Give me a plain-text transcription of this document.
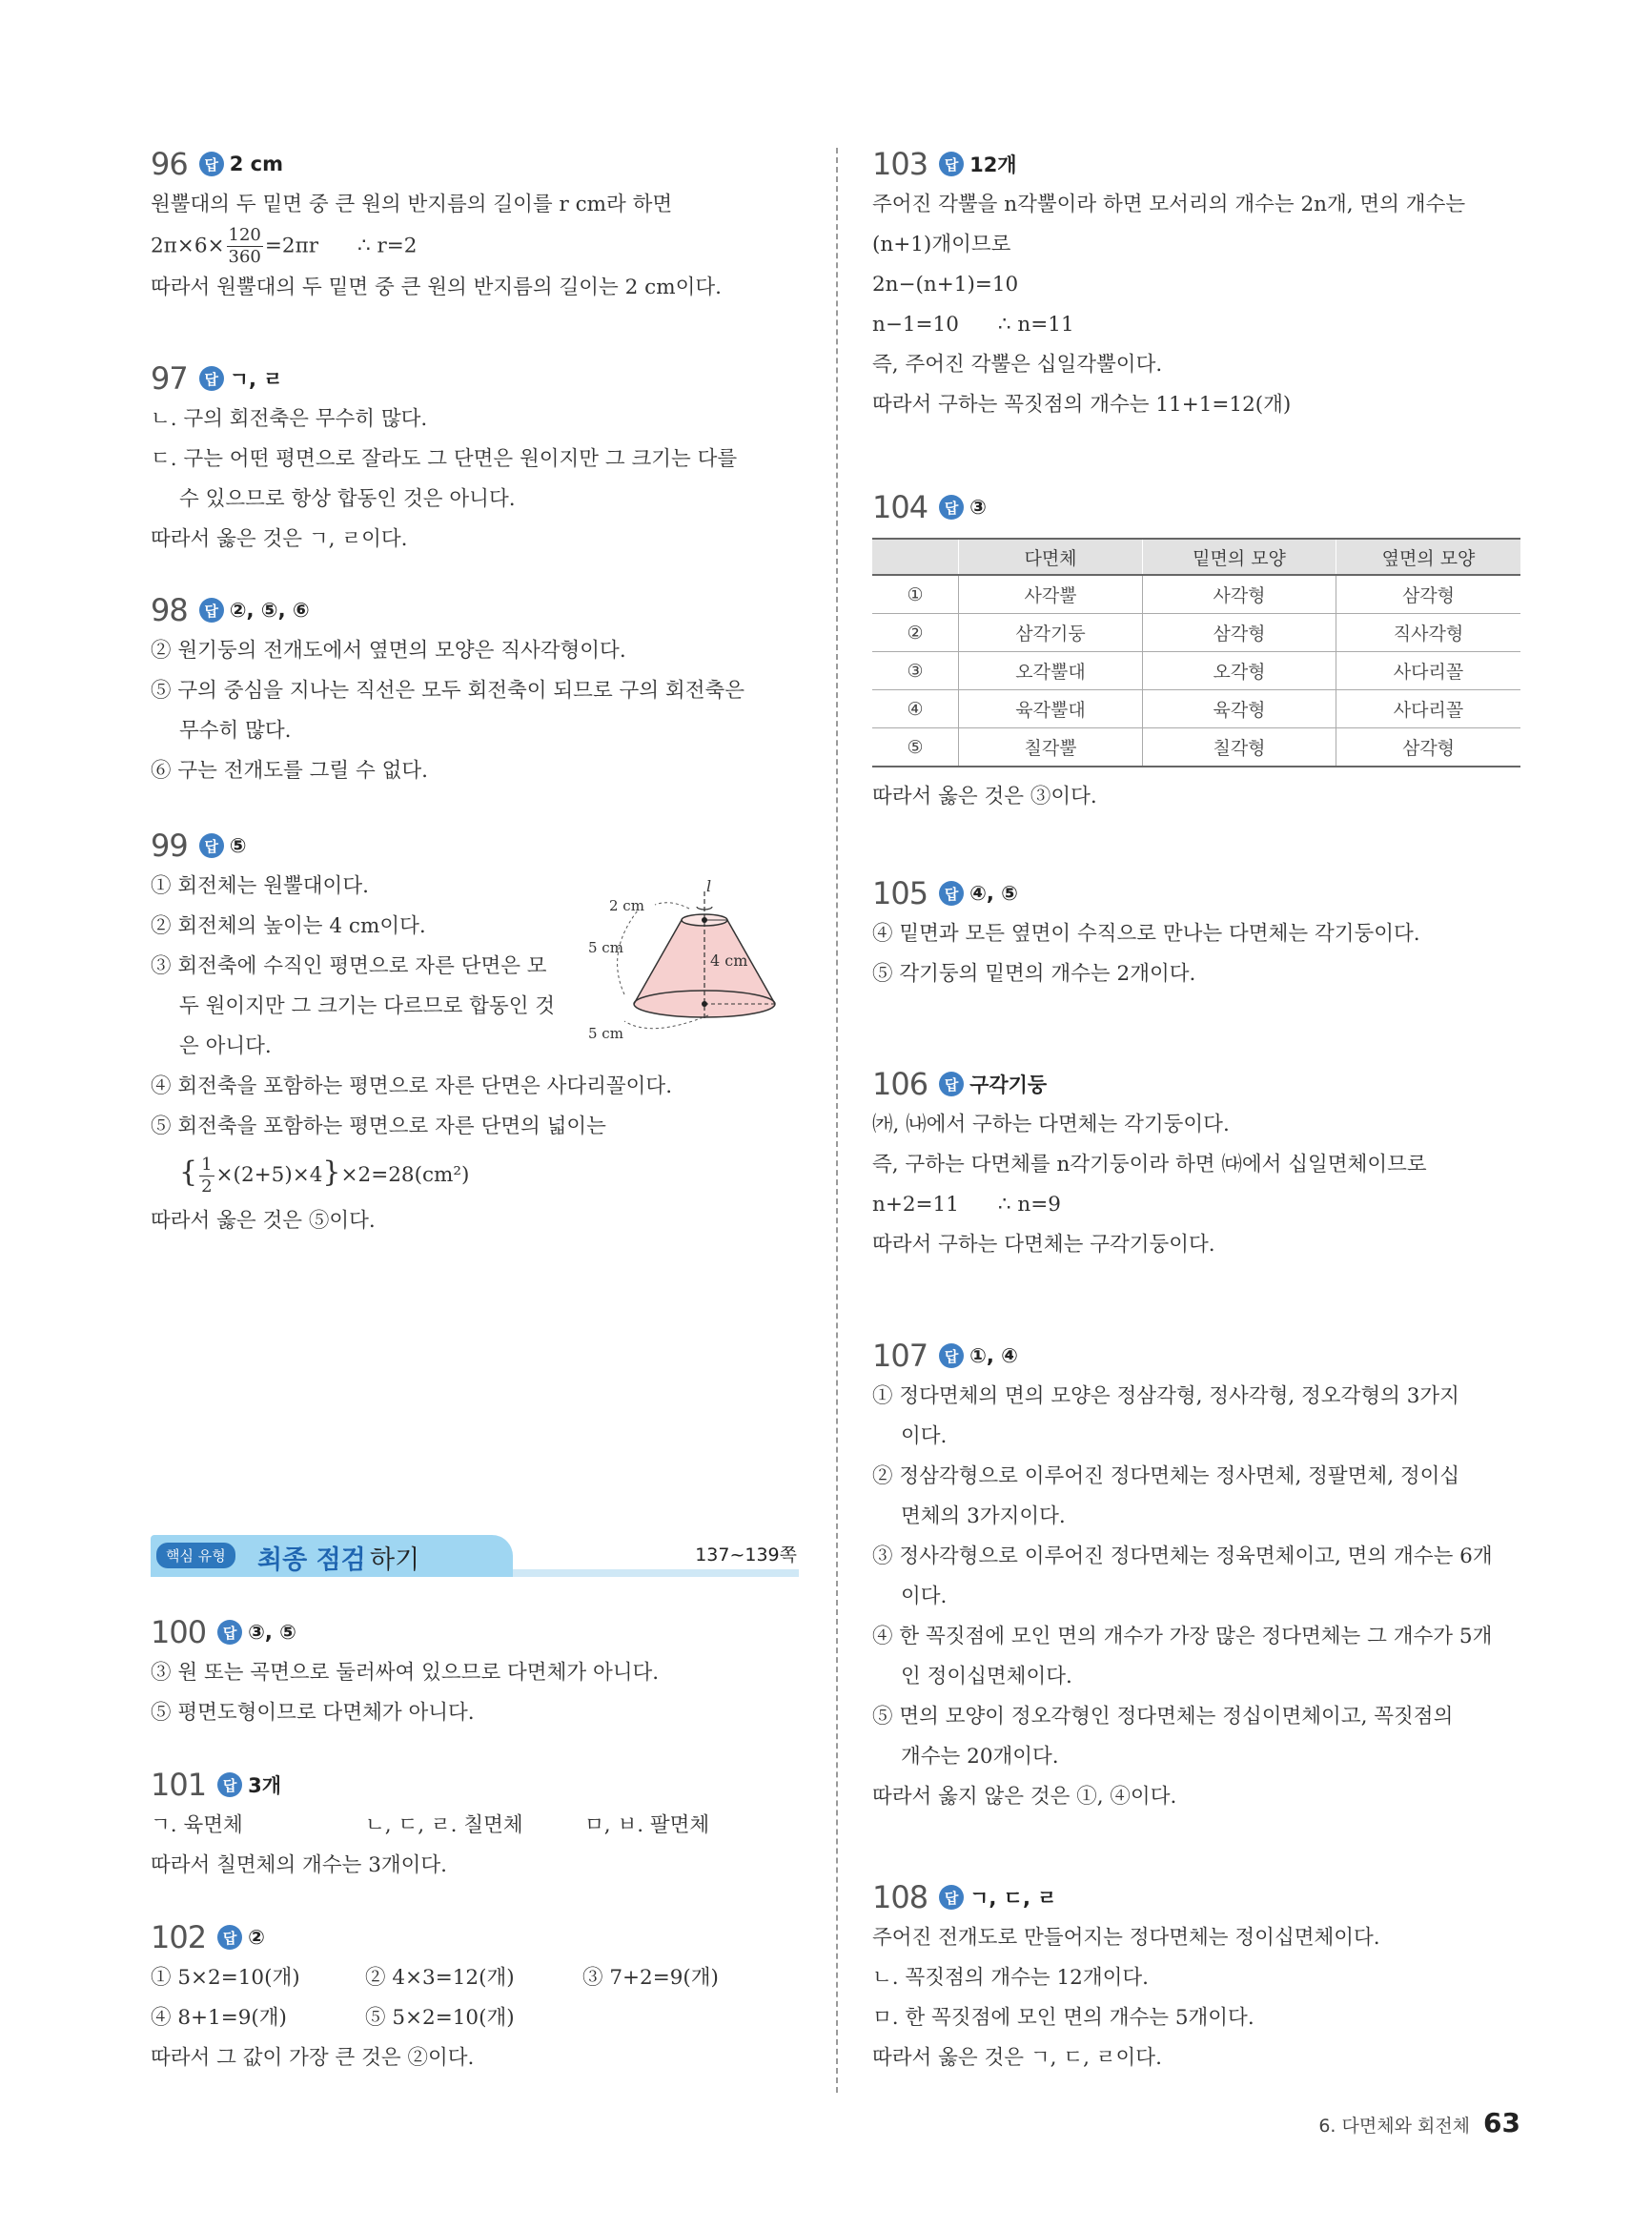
96	답 2 cm
원뿔대의 두 밑면 중 큰 원의 반지름의 길이를 r cm라 하면
$2\pi\times 6\times \frac{120}{360} =2\pi r$      ∴ r=2
따라서 원뿔대의 두 밑면 중 큰 원의 반지름의 길이는 2 cm이다.
97	답 ㄱ, ㄹ
ㄴ. 구의 회전축은 무수히 많다.
ㄷ. 구는 어떤 평면으로 잘라도 그 단면은 원이지만 그 크기는 다를
수 있으므로 항상 합동인 것은 아니다.
따라서 옳은 것은 ㄱ, ㄹ이다.
98	답 ②, ⑤, ⑥
② 원기둥의 전개도에서 옆면의 모양은 직사각형이다.
⑤ 구의 중심을 지나는 직선은 모두 회전축이 되므로 구의 회전축은
무수히 많다.
⑥ 구는 전개도를 그릴 수 없다.
99	답 ⑤
① 회전체는 원뿔대이다.
② 회전체의 높이는 4 cm이다.
③ 회전축에 수직인 평면으로 자른 단면은 모
두 원이지만 그 크기는 다르므로 합동인 것
은 아니다.
④ 회전축을 포함하는 평면으로 자른 단면은 사다리꼴이다.
⑤ 회전축을 포함하는 평면으로 자른 단면의 넓이는
{ $\frac{1}{2} \times(2+5)\times 4\}\times 2=28(cm^2)$
따라서 옳은 것은 ⑤이다.
l
2 cm
5 cm
4 cm
5 cm
100	답 ③, ⑤
③ 원 또는 곡면으로 둘러싸여 있으므로 다면체가 아니다.
⑤ 평면도형이므로 다면체가 아니다.
101	답 3개
ㄱ. 육면체	ㄴ, ㄷ, ㄹ. 칠면체	ㅁ, ㅂ. 팔면체
따라서 칠면체의 개수는 3개이다.
102	답 ②
① 5×2=10(개)	② 4×3=12(개)	③ 7+2=9(개)
④ 8+1=9(개)	⑤ 5×2=10(개)
따라서 그 값이 가장 큰 것은 ②이다.
핵심 유형	최종 점검 하기	137~139쪽
103	답 12개
주어진 각뿔을 n각뿔이라 하면 모서리의 개수는 2n개, 면의 개수는
(n+1)개이므로
2n−(n+1)=10
n−1=10      ∴ n=11
즉, 주어진 각뿔은 십일각뿔이다.
따라서 구하는 꼭짓점의 개수는 11+1=12(개)
104	답 ③
	다면체	밑면의 모양	옆면의 모양
①	사각뿔	사각형	삼각형
②	삼각기둥	삼각형	직사각형
③	오각뿔대	오각형	사다리꼴
④	육각뿔대	육각형	사다리꼴
⑤	칠각뿔	칠각형	삼각형
따라서 옳은 것은 ③이다.
105	답 ④, ⑤
④ 밑면과 모든 옆면이 수직으로 만나는 다면체는 각기둥이다.
⑤ 각기둥의 밑면의 개수는 2개이다.
106	답 구각기둥
㈎, ㈏에서 구하는 다면체는 각기둥이다.
즉, 구하는 다면체를 n각기둥이라 하면 ㈐에서 십일면체이므로
n+2=11      ∴ n=9
따라서 구하는 다면체는 구각기둥이다.
107	답 ①, ④
① 정다면체의 면의 모양은 정삼각형, 정사각형, 정오각형의 3가지
이다.
② 정삼각형으로 이루어진 정다면체는 정사면체, 정팔면체, 정이십
면체의 3가지이다.
③ 정사각형으로 이루어진 정다면체는 정육면체이고, 면의 개수는 6개
이다.
④ 한 꼭짓점에 모인 면의 개수가 가장 많은 정다면체는 그 개수가 5개
인 정이십면체이다.
⑤ 면의 모양이 정오각형인 정다면체는 정십이면체이고, 꼭짓점의
개수는 20개이다.
따라서 옳지 않은 것은 ①, ④이다.
108	답 ㄱ, ㄷ, ㄹ
주어진 전개도로 만들어지는 정다면체는 정이십면체이다.
ㄴ. 꼭짓점의 개수는 12개이다.
ㅁ. 한 꼭짓점에 모인 면의 개수는 5개이다.
따라서 옳은 것은 ㄱ, ㄷ, ㄹ이다.
6. 다면체와 회전체 63
